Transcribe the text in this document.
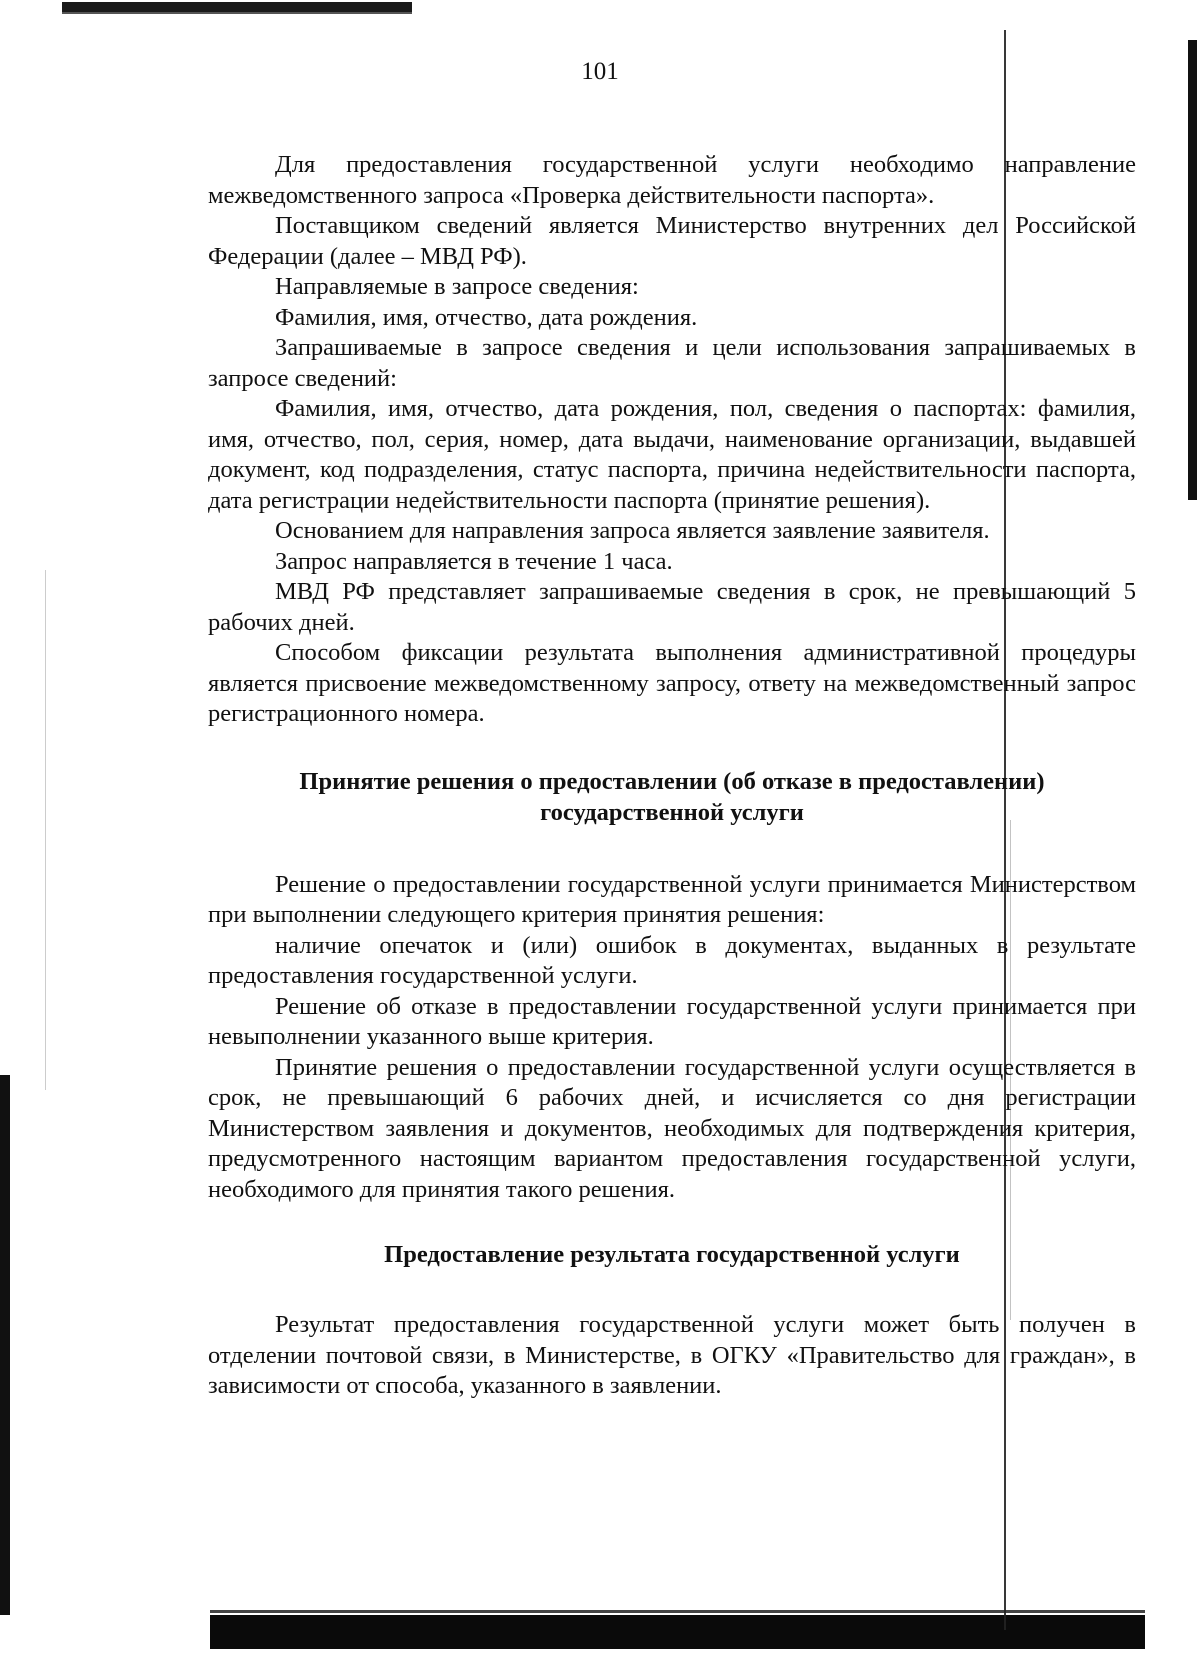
101

Для предоставления государственной услуги необходимо направление межведомственного запроса «Проверка действительности паспорта».

Поставщиком сведений является Министерство внутренних дел Российской Федерации (далее – МВД РФ).

Направляемые в запросе сведения:

Фамилия, имя, отчество, дата рождения.

Запрашиваемые в запросе сведения и цели использования запрашиваемых в запросе сведений:

Фамилия, имя, отчество, дата рождения, пол, сведения о паспортах: фамилия, имя, отчество, пол, серия, номер, дата выдачи, наименование организации, выдавшей документ, код подразделения, статус паспорта, причина недействительности паспорта, дата регистрации недействительности паспорта (принятие решения).

Основанием для направления запроса является заявление заявителя.

Запрос направляется в течение 1 часа.

МВД РФ представляет запрашиваемые сведения в срок, не превышающий 5 рабочих дней.

Способом фиксации результата выполнения административной процедуры является присвоение межведомственному запросу, ответу на межведомственный запрос регистрационного номера.

Принятие решения о предоставлении (об отказе в предоставлении)
государственной услуги

Решение о предоставлении государственной услуги принимается Министерством при выполнении следующего критерия принятия решения:

наличие опечаток и (или) ошибок в документах, выданных в результате предоставления государственной услуги.

Решение об отказе в предоставлении государственной услуги принимается при невыполнении указанного выше критерия.

Принятие решения о предоставлении государственной услуги осуществляется в срок, не превышающий 6 рабочих дней, и исчисляется со дня регистрации Министерством заявления и документов, необходимых для подтверждения критерия, предусмотренного настоящим вариантом предоставления государственной услуги, необходимого для принятия такого решения.

Предоставление результата государственной услуги

Результат предоставления государственной услуги может быть получен в отделении почтовой связи, в Министерстве, в ОГКУ «Правительство для граждан», в зависимости от способа, указанного в заявлении.
